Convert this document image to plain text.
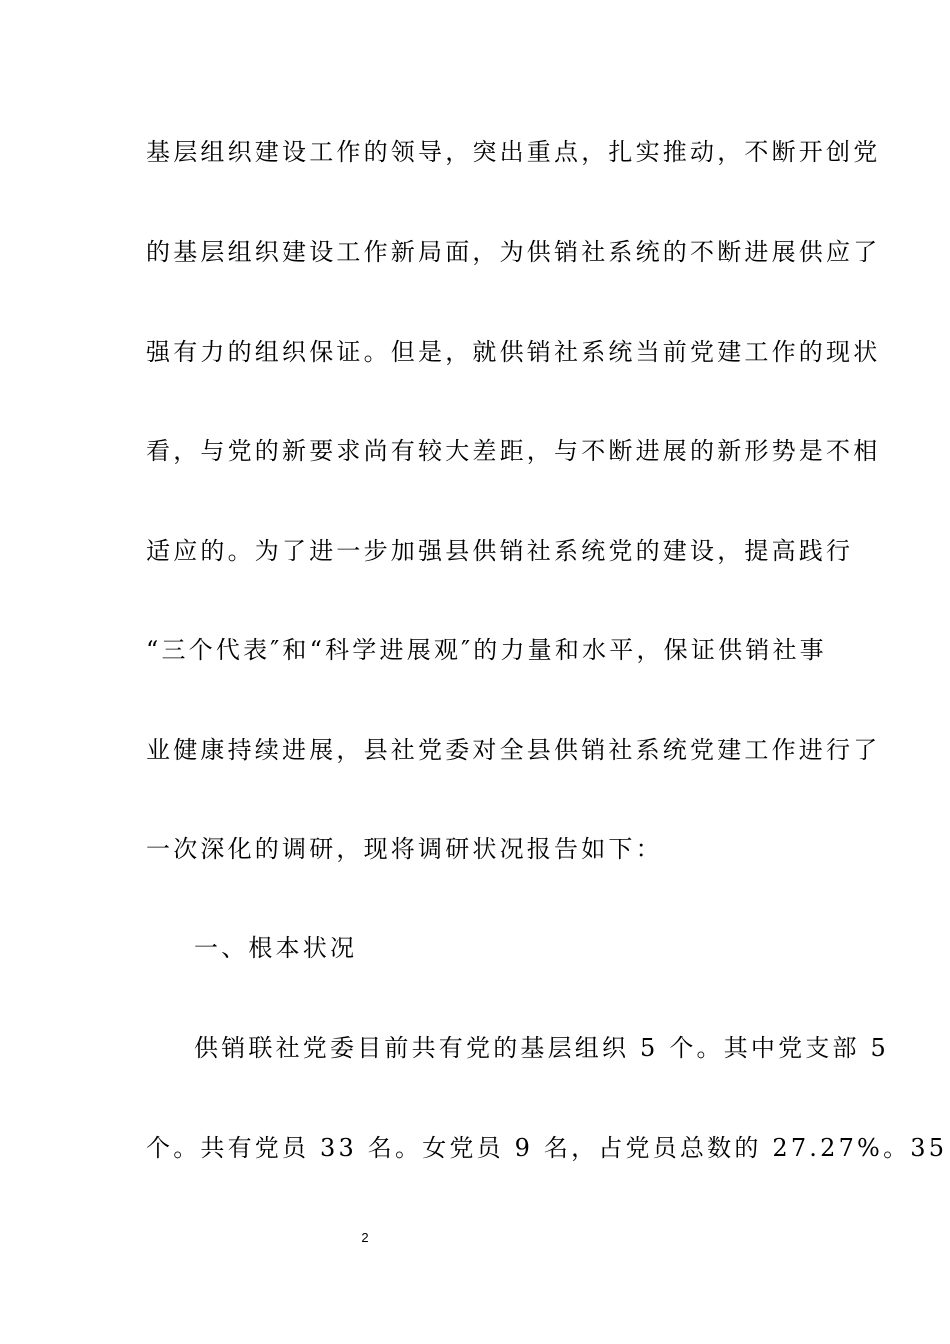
基层组织建设工作的领导，突出重点，扎实推动，不断开创党
的基层组织建设工作新局面，为供销社系统的不断进展供应了
强有力的组织保证。但是，就供销社系统当前党建工作的现状
看，与党的新要求尚有较大差距，与不断进展的新形势是不相
适应的。为了进一步加强县供销社系统党的建设，提高践行
“三个代表″和“科学进展观″的力量和水平，保证供销社事
业健康持续进展，县社党委对全县供销社系统党建工作进行了
一次深化的调研，现将调研状况报告如下：
一、根本状况
供销联社党委目前共有党的基层组织 5 个。其中党支部 5
个。共有党员 33 名。女党员 9 名，占党员总数的 27.27%。35
2
